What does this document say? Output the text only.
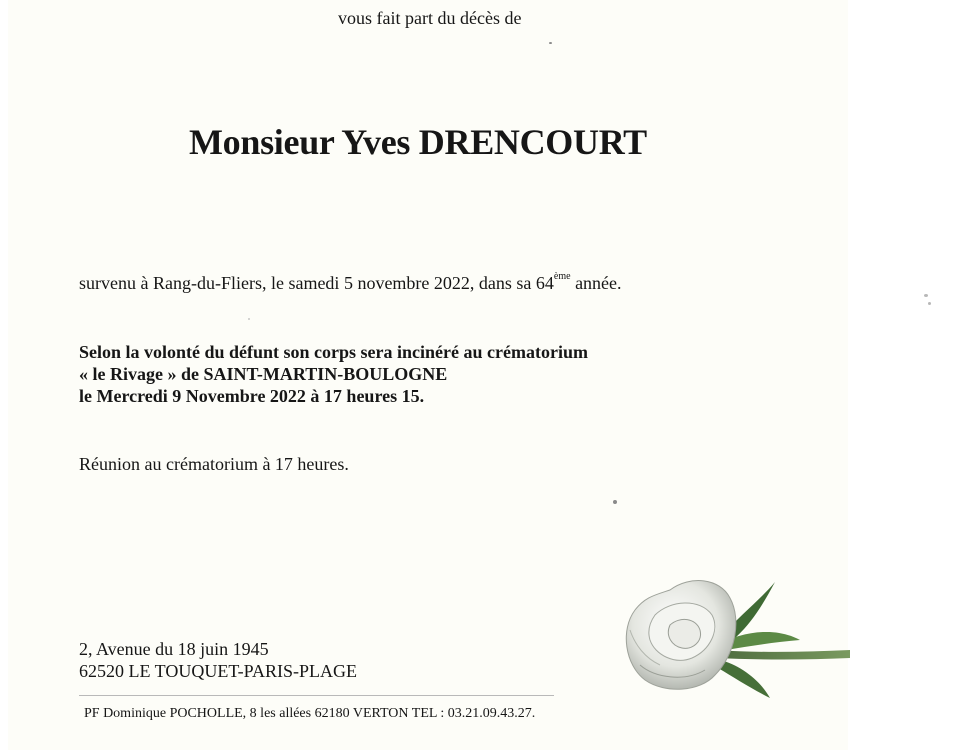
vous fait part du décès de
Monsieur Yves DRENCOURT
survenu à Rang-du-Fliers, le samedi 5 novembre 2022, dans sa 64ème année.
Selon la volonté du défunt son corps sera incinéré au crématorium
« le Rivage » de SAINT-MARTIN-BOULOGNE
le Mercredi 9 Novembre 2022 à 17 heures 15.
Réunion au crématorium à 17 heures.
2, Avenue du 18 juin 1945
62520 LE TOUQUET-PARIS-PLAGE
PF Dominique POCHOLLE, 8 les allées 62180 VERTON TEL : 03.21.09.43.27.
